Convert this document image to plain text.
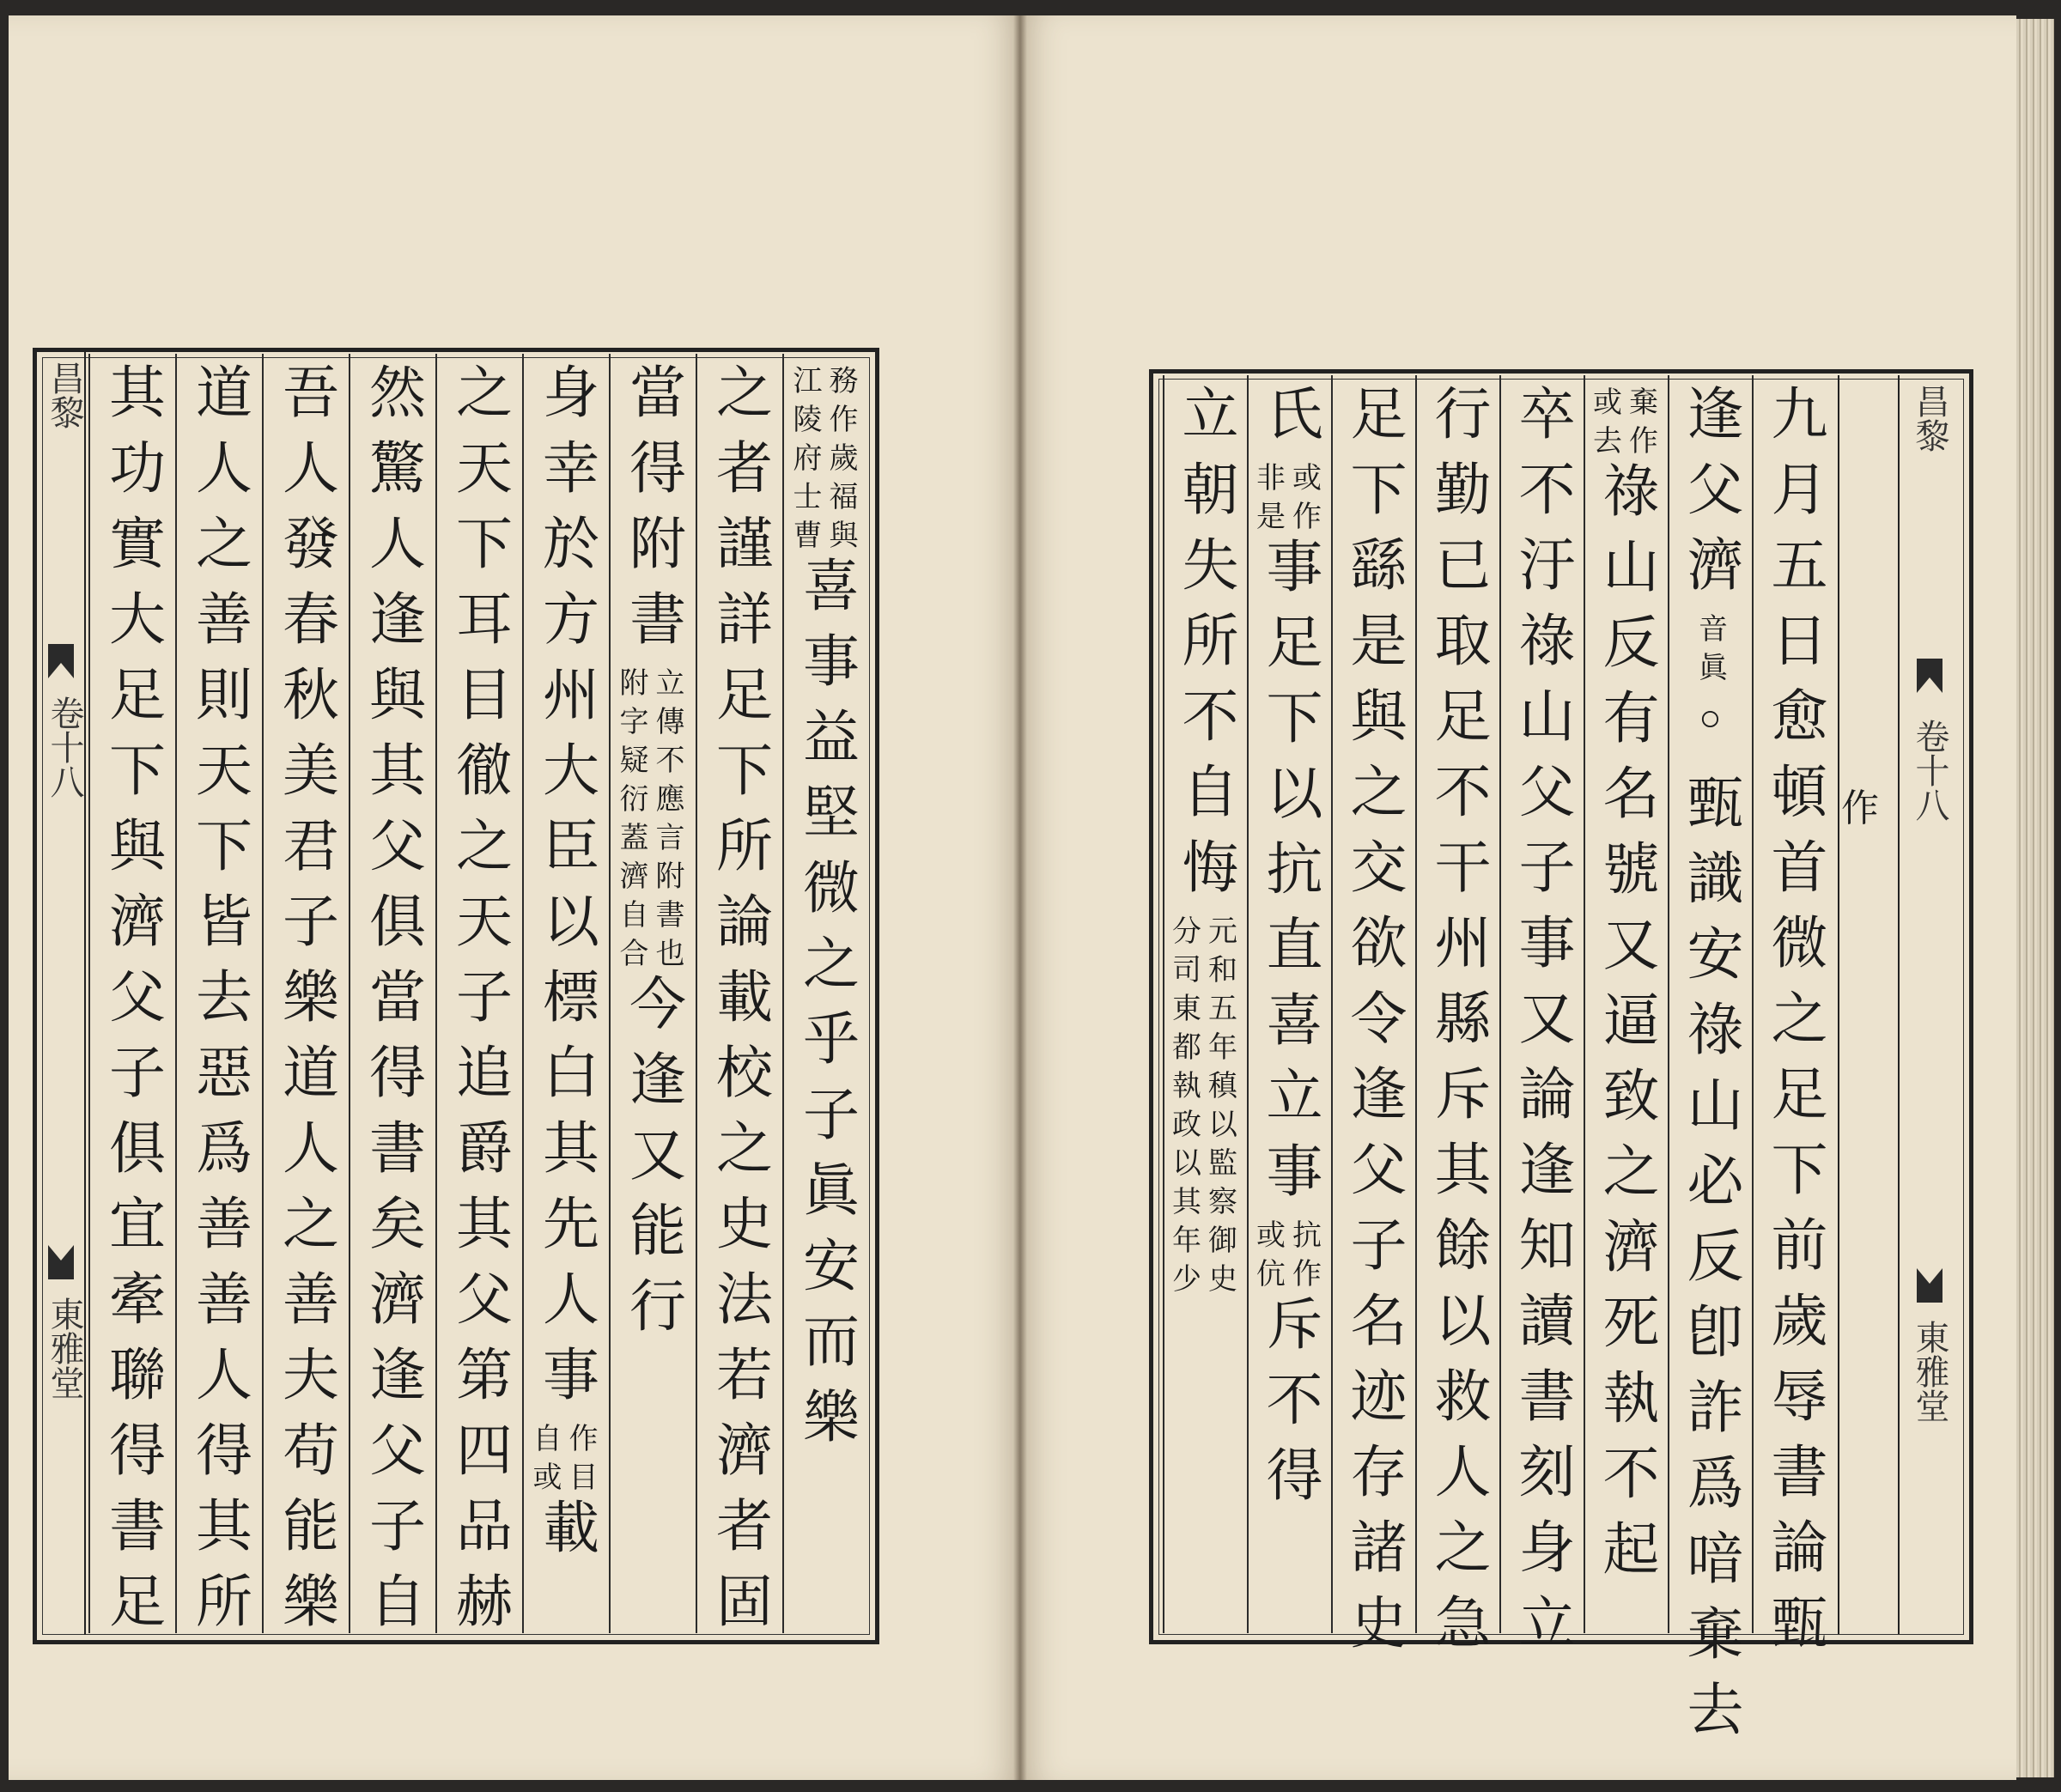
昌黎
卷十八
東雅堂
江
陵
府
士
曹
務
作
歲
福
與
喜事益堅微之乎子眞安而樂
之者謹詳足下所論載校之史法若濟者固
當得附書
附
字
疑
衍
蓋
濟
自
合
立
傳
不
應
言
附
書
也
今逢又能行
身幸於方州大臣以標白其先人事
自
或
作
目
載
之天下耳目徹之天子追爵其父第四品赫
然驚人逢與其父俱當得書矣濟逢父子自
吾人發春秋美君子樂道人之善夫苟能樂
道人之善則天下皆去惡爲善善人得其所
其功實大足下與濟父子俱宜牽聯得書足	作
昌黎
卷十八
東雅堂
九月五日愈頓首微之足下前歲辱書論甄
逢父濟
音
眞
◦甄識安祿山必反卽詐爲喑棄去
或
去
棄
作
祿山反有名號又逼致之濟死執不起
卒不汙祿山父子事又論逢知讀書刻身立
行勤已取足不干州縣斥其餘以救人之急
足下繇是與之交欲令逢父子名迹存諸史
氏
非
是
或
作
事足下以抗直喜立事
或
伉
抗
作
斥不得
立朝失所不自悔
分
司
東
都
執
政
以
其
年
少
元
和
五
年
稹
以
監
察
御
史
